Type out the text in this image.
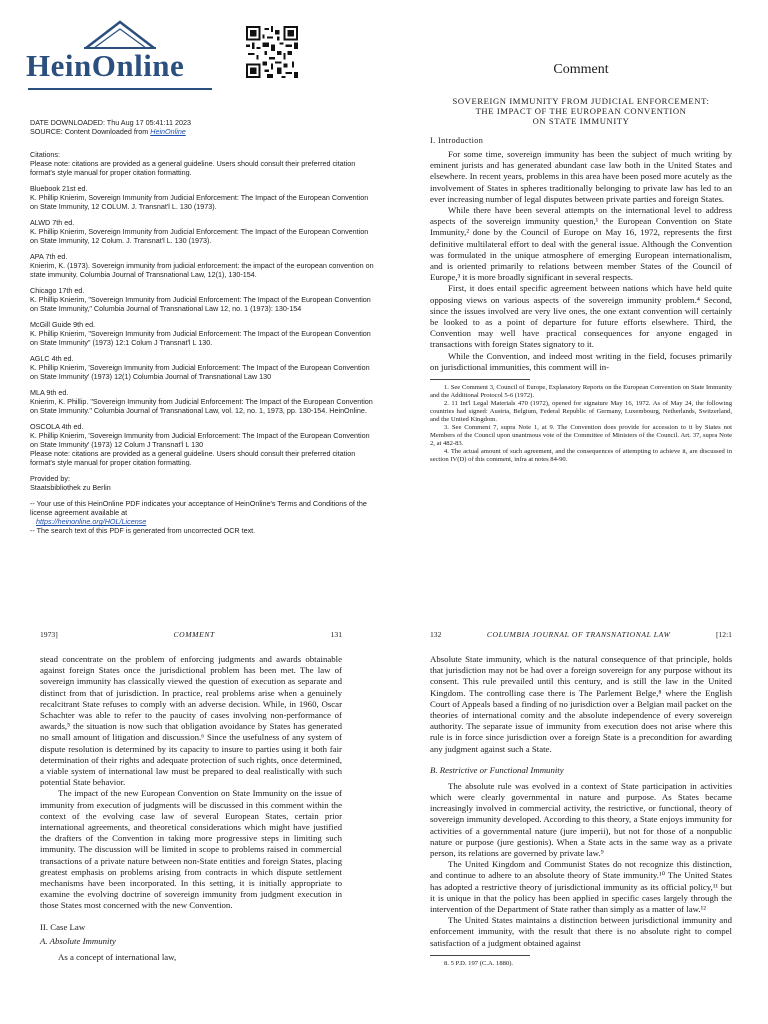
HeinOnline

DATE DOWNLOADED: Thu Aug 17 05:41:11 2023

SOURCE: Content Downloaded from HeinOnline

Citations:

Please note: citations are provided as a general guideline. Users should consult their preferred citation format's style manual for proper citation formatting.

Bluebook 21st ed.

K. Phillip Knierim, Sovereign Immunity from Judicial Enforcement: The Impact of the European Convention on State Immunity, 12 COLUM. J. Transnat'l L. 130 (1973).

ALWD 7th ed.

K. Phillip Knierim, Sovereign Immunity from Judicial Enforcement: The Impact of the European Convention on State Immunity, 12 Colum. J. Transnat'l L. 130 (1973).

APA 7th ed.

Knierim, K. (1973). Sovereign immunity from judicial enforcement: the impact of the european convention on state immunity. Columbia Journal of Transnational Law, 12(1), 130-154.

Chicago 17th ed.

K. Phillip Knierim, "Sovereign Immunity from Judicial Enforcement: The Impact of the European Convention on State Immunity," Columbia Journal of Transnational Law 12, no. 1 (1973): 130-154

McGill Guide 9th ed.

K. Phillip Knierim, "Sovereign Immunity from Judicial Enforcement: The Impact of the European Convention on State Immunity" (1973) 12:1 Colum J Transnat'l L 130.

AGLC 4th ed.

K. Phillip Knierim, 'Sovereign Immunity from Judicial Enforcement: The Impact of the European Convention on State Immunity' (1973) 12(1) Columbia Journal of Transnational Law 130

MLA 9th ed.

Knierim, K. Phillip. "Sovereign Immunity from Judicial Enforcement: The Impact of the European Convention on State Immunity." Columbia Journal of Transnational Law, vol. 12, no. 1, 1973, pp. 130-154. HeinOnline.

OSCOLA 4th ed.

K. Phillip Knierim, 'Sovereign Immunity from Judicial Enforcement: The Impact of the European Convention on State Immunity' (1973) 12 Colum J Transnat'l L 130

Please note: citations are provided as a general guideline. Users should consult their preferred citation format's style manual for proper citation formatting.

Provided by:

Staatsbibliothek zu Berlin

-- Your use of this HeinOnline PDF indicates your acceptance of HeinOnline's Terms and Conditions of the license agreement available at

https://heinonline.org/HOL/License

-- The search text of this PDF is generated from uncorrected OCR text.

Comment

SOVEREIGN IMMUNITY FROM JUDICIAL ENFORCEMENT:
THE IMPACT OF THE EUROPEAN CONVENTION
ON STATE IMMUNITY
I. Introduction

For some time, sovereign immunity has been the subject of much writing by eminent jurists and has generated abundant case law both in the United States and elsewhere. In recent years, problems in this area have been posed more acutely as the involvement of States in spheres traditionally belonging to private law has led to an ever increasing number of legal disputes between private parties and foreign States.

While there have been several attempts on the international level to address aspects of the sovereign immunity question,¹ the European Convention on State Immunity,² done by the Council of Europe on May 16, 1972, represents the first definitive multilateral effort to deal with the general issue. Although the Convention was formulated in the unique atmosphere of emerging European internationalism, and is oriented primarily to relations between member States of the Council of Europe,³ it is more broadly significant in several respects.

First, it does entail specific agreement between nations which have held quite opposing views on various aspects of the sovereign immunity problem.⁴ Second, since the issues involved are very live ones, the one extant convention will certainly be looked to as a point of departure for future efforts elsewhere. Third, the Convention may well have practical consequences for anyone engaged in transactions with foreign States signatory to it.

While the Convention, and indeed most writing in the field, focuses primarily on jurisdictional immunities, this comment will in-

1. See Comment 3, Council of Europe, Explanatory Reports on the European Convention on State Immunity and the Additional Protocol 5-6 (1972).

2. 11 Int'l Legal Materials 470 (1972), opened for signature May 16, 1972. As of May 24, the following countries had signed: Austria, Belgium, Federal Republic of Germany, Luxembourg, Netherlands, Switzerland, and the United Kingdom.

3. See Comment 7, supra Note 1, at 9. The Convention does provide for accession to it by States not Members of the Council upon unanimous vote of the Committee of Ministers of the Council. Art. 37, supra Note 2, at 482-83.

4. The actual amount of such agreement, and the consequences of attempting to achieve it, are discussed in section IV(D) of this comment, infra at notes 84-90.

1973]	COMMENT	131

stead concentrate on the problem of enforcing judgments and awards obtainable against foreign States once the jurisdictional problem has been met. The law of sovereign immunity has classically viewed the question of execution as separate and distinct from that of jurisdiction. In practice, real problems arise when a genuinely recalcitrant State refuses to comply with an adverse decision. While, in 1960, Oscar Schachter was able to refer to the paucity of cases involving non-performance of awards,⁵ the situation is now such that obligation avoidance by States has generated no small amount of litigation and discussion.⁶ Since the usefulness of any system of dispute resolution is determined by its capacity to insure to parties using it both fair determination of their rights and adequate protection of such rights, once determined, a viable system of international law must be prepared to deal realistically with such potential State behavior.

The impact of the new European Convention on State Immunity on the issue of immunity from execution of judgments will be discussed in this comment within the context of the evolving case law of several European States, certain prior international agreements, and theoretical considerations which might have justified the drafters of the Convention in taking more progressive steps in limiting such immunity. The discussion will be limited in scope to problems raised in commercial transactions of a private nature between non-State entities and foreign States, placing greatest emphasis on problems arising from contracts in which dispute settlement mechanisms have been incorporated. In this setting, it is initially appropriate to examine the evolving doctrine of sovereign immunity from judgment execution in those States most concerned with the new Convention.

II. Case Law
A. Absolute Immunity

As a concept of international law,

132	COLUMBIA JOURNAL OF TRANSNATIONAL LAW	[12:1

Absolute State immunity, which is the natural consequence of that principle, holds that jurisdiction may not be had over a foreign sovereign for any purpose without its consent. This rule prevailed until this century, and is still the law in the United Kingdom. The controlling case there is The Parlement Belge,⁸ where the English Court of Appeals based a finding of no jurisdiction over a Belgian mail packet on the theories of international comity and the absolute independence of every sovereign authority. The separate issue of immunity from execution does not arise where this rule is in force since jurisdiction over a foreign State is a precondition for awarding any judgment against such a State.

B. Restrictive or Functional Immunity

The absolute rule was evolved in a context of State participation in activities which were clearly governmental in nature and purpose. As States became increasingly involved in commercial activity, the restrictive, or functional, theory of sovereign immunity developed. According to this theory, a State enjoys immunity for activities of a governmental nature (jure imperii), but not for those of a nonpublic nature or purpose (jure gestionis). When a State acts in the same way as a private person, its relations are governed by private law.⁹

The United Kingdom and Communist States do not recognize this distinction, and continue to adhere to an absolute theory of State immunity.¹⁰ The United States has adopted a restrictive theory of jurisdictional immunity as its official policy,¹¹ but it is unique in that the policy has been applied in specific cases largely through the intervention of the Department of State rather than simply as a matter of law.¹²

The United States maintains a distinction between jurisdictional immunity and enforcement immunity, with the result that there is no absolute right to compel satisfaction of a judgment obtained against

8. 5 P.D. 197 (C.A. 1880).
